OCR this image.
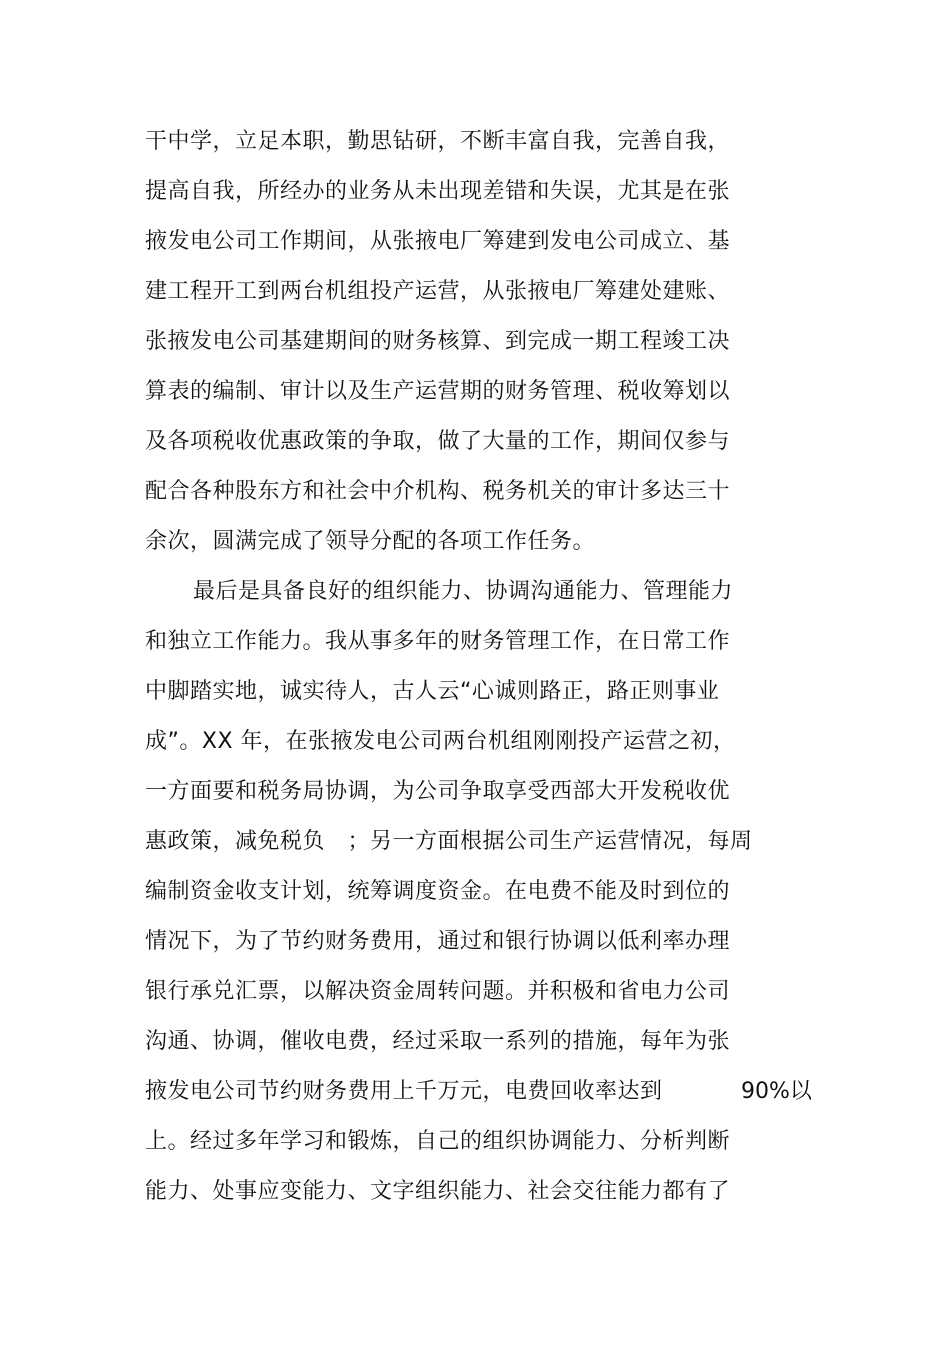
干中学，立足本职，勤思钻研，不断丰富自我，完善自我，
提高自我，所经办的业务从未出现差错和失误，尤其是在张
掖发电公司工作期间，从张掖电厂筹建到发电公司成立、基
建工程开工到两台机组投产运营，从张掖电厂筹建处建账、
张掖发电公司基建期间的财务核算、到完成一期工程竣工决
算表的编制、审计以及生产运营期的财务管理、税收筹划以
及各项税收优惠政策的争取，做了大量的工作，期间仅参与
配合各种股东方和社会中介机构、税务机关的审计多达三十
余次，圆满完成了领导分配的各项工作任务。
最后是具备良好的组织能力、协调沟通能力、管理能力
和独立工作能力。我从事多年的财务管理工作，在日常工作
中脚踏实地，诚实待人，古人云“心诚则路正，路正则事业
成”。XX 年，在张掖发电公司两台机组刚刚投产运营之初，
一方面要和税务局协调，为公司争取享受西部大开发税收优
惠政策，减免税负   ；另一方面根据公司生产运营情况，每周
编制资金收支计划，统筹调度资金。在电费不能及时到位的
情况下，为了节约财务费用，通过和银行协调以低利率办理
银行承兑汇票，以解决资金周转问题。并积极和省电力公司
沟通、协调，催收电费，经过采取一系列的措施，每年为张
掖发电公司节约财务费用上千万元，电费回收率达到	90%以
上。经过多年学习和锻炼，自己的组织协调能力、分析判断
能力、处事应变能力、文字组织能力、社会交往能力都有了
